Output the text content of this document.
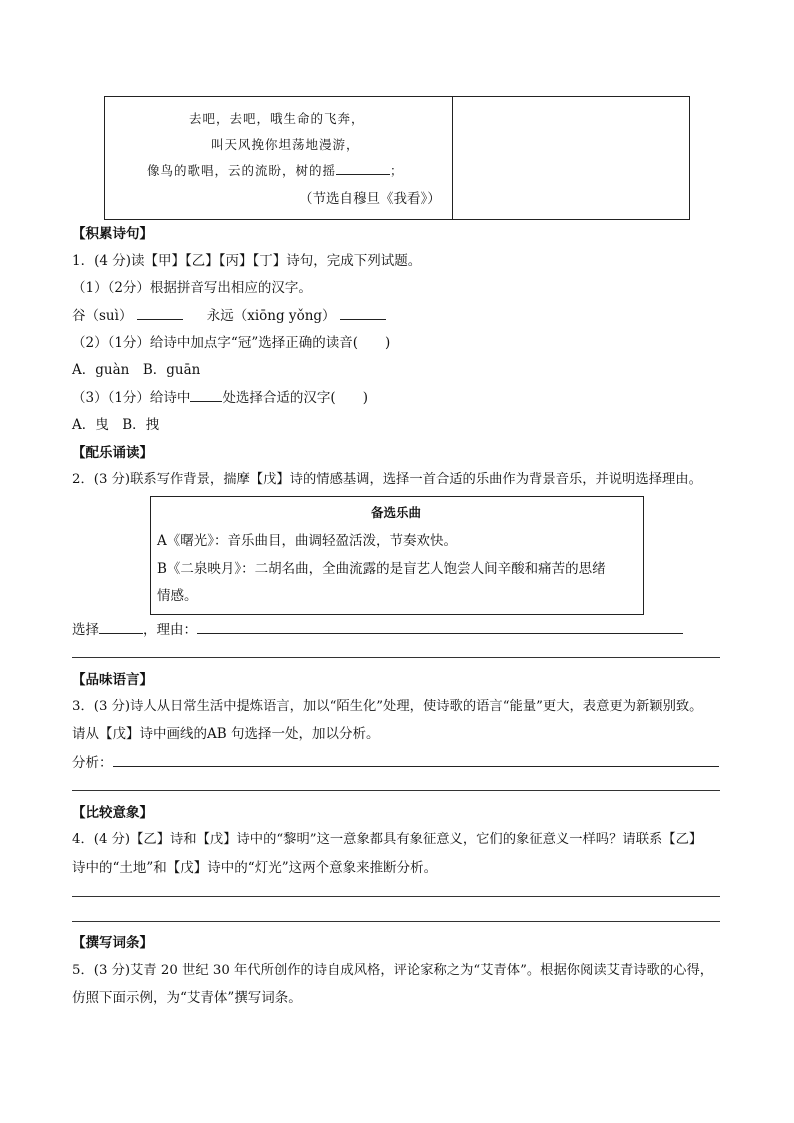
去吧，去吧，哦生命的飞奔，
叫天风挽你坦荡地漫游，
像鸟的歌唱，云的流盼，树的摇	；
（节选自穆旦《我看》）
【积累诗句】
1．(4 分)读【甲】【乙】【丙】【丁】诗句，完成下列试题。
（1）（2分）根据拼音写出相应的汉字。
谷（suì）	永远（xiōng yǒng）
（2）（1分）给诗中加点字“冠”选择正确的读音(　　)
A．guàn　B．guān
（3）（1分）给诗中 处选择合适的汉字(　　)
A．曳　B．拽
【配乐诵读】
2．(3 分)联系写作背景，揣摩【戊】诗的情感基调，选择一首合适的乐曲作为背景音乐，并说明选择理由。
备选乐曲
A《曙光》：音乐曲目，曲调轻盈活泼，节奏欢快。
B《二泉映月》：二胡名曲，全曲流露的是盲艺人饱尝人间辛酸和痛苦的思绪
情感。
选择	，理由：
【品味语言】
3．(3 分)诗人从日常生活中提炼语言，加以“陌生化”处理，使诗歌的语言“能量”更大，表意更为新颖别致。
请从【戊】诗中画线的AB 句选择一处，加以分析。
分析：
【比较意象】
4．(4 分)【乙】诗和【戊】诗中的“黎明”这一意象都具有象征意义，它们的象征意义一样吗？请联系【乙】
诗中的“土地”和【戊】诗中的“灯光”这两个意象来推断分析。
【撰写词条】
5．(3 分)艾青 20 世纪 30 年代所创作的诗自成风格，评论家称之为“艾青体”。根据你阅读艾青诗歌的心得，
仿照下面示例，为“艾青体”撰写词条。
